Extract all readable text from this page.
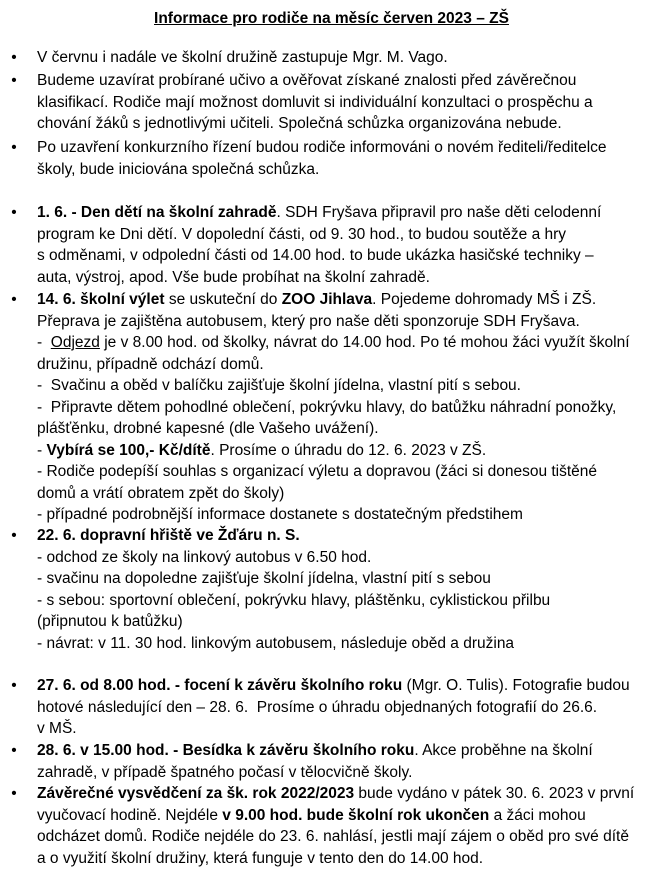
Informace pro rodiče na měsíc červen 2023 – ZŠ
• V červnu i nadále ve školní družině zastupuje Mgr. M. Vago.
• Budeme uzavírat probírané učivo a ověřovat získané znalosti před závěrečnou
klasifikací. Rodiče mají možnost domluvit si individuální konzultaci o prospěchu a
chování žáků s jednotlivými učiteli. Společná schůzka organizována nebude.
• Po uzavření konkurzního řízení budou rodiče informováni o novém řediteli/ředitelce
školy, bude iniciována společná schůzka.
• 1. 6. - Den dětí na školní zahradě. SDH Fryšava připravil pro naše děti celodenní
program ke Dni dětí. V dopolední části, od 9. 30 hod., to budou soutěže a hry
s odměnami, v odpolední části od 14.00 hod. to bude ukázka hasičské techniky –
auta, výstroj, apod. Vše bude probíhat na školní zahradě.
• 14. 6. školní výlet se uskuteční do ZOO Jihlava. Pojedeme dohromady MŠ i ZŠ.
Přeprava je zajištěna autobusem, který pro naše děti sponzoruje SDH Fryšava.
-  Odjezd je v 8.00 hod. od školky, návrat do 14.00 hod. Po té mohou žáci využít školní
družinu, případně odchází domů.
-  Svačinu a oběd v balíčku zajišťuje školní jídelna, vlastní pití s sebou.
-  Připravte dětem pohodlné oblečení, pokrývku hlavy, do batůžku náhradní ponožky,
plášťěnku, drobné kapesné (dle Vašeho uvážení).
- Vybírá se 100,- Kč/dítě. Prosíme o úhradu do 12. 6. 2023 v ZŠ.
- Rodiče podepíší souhlas s organizací výletu a dopravou (žáci si donesou tištěné
domů a vrátí obratem zpět do školy)
- případné podrobnější informace dostanete s dostatečným předstihem
• 22. 6. dopravní hřiště ve Žďáru n. S.
- odchod ze školy na linkový autobus v 6.50 hod.
- svačinu na dopoledne zajišťuje školní jídelna, vlastní pití s sebou
- s sebou: sportovní oblečení, pokrývku hlavy, pláštěnku, cyklistickou přilbu
(připnutou k batůžku)
- návrat: v 11. 30 hod. linkovým autobusem, následuje oběd a družina
• 27. 6. od 8.00 hod. - focení k závěru školního roku (Mgr. O. Tulis). Fotografie budou
hotové následující den – 28. 6.  Prosíme o úhradu objednaných fotografií do 26.6.
v MŠ.
• 28. 6. v 15.00 hod. - Besídka k závěru školního roku. Akce proběhne na školní
zahradě, v případě špatného počasí v tělocvičně školy.
• Závěrečné vysvědčení za šk. rok 2022/2023 bude vydáno v pátek 30. 6. 2023 v první
vyučovací hodině. Nejdéle v 9.00 hod. bude školní rok ukončen a žáci mohou
odcházet domů. Rodiče nejdéle do 23. 6. nahlásí, jestli mají zájem o oběd pro své dítě
a o využití školní družiny, která funguje v tento den do 14.00 hod.
